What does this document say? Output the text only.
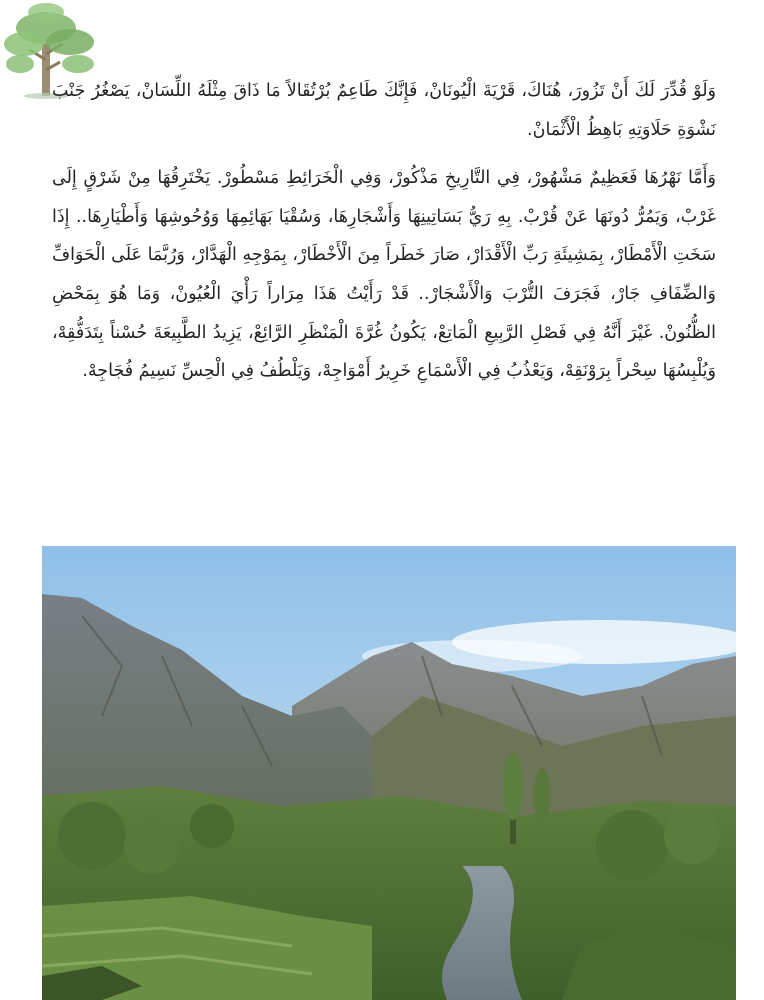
وَلَوْ قُدِّرَ لَكَ أَنْ تَزُورَ، هُنَاكَ، قَرْيَةَ الْيُونَانْ، فَإِنَّكَ طَاعِمٌ بُرْتُقَالاً مَا ذَاقَ مِثْلَهُ اللِّسَانْ، يَصْغُرُ جَنْبَ نَشْوَةِ حَلَاوَتِهِ بَاهِظُ الْأَثْمَانْ.

وَأَمَّا نَهْرُهَا فَعَظِيمٌ مَشْهُورْ، فِي التَّارِيخِ مَذْكُورْ، وَفِي الْخَرَائِطِ مَسْطُورْ. يَخْتَرِقُهَا مِنْ شَرْقٍ إِلَى غَرْبْ، وَيَمُرُّ دُونَهَا عَنْ قُرْبْ. بِهِ رَيُّ بَسَاتِينِهَا وَأَشْجَارِهَا، وَسُقْيَا بَهَائِمِهَا وَوُحُوشِهَا وَأَطْيَارِهَا.. إِذَا سَخَتِ الْأَمْطَارْ، بِمَشِيئَةِ رَبِّ الْأَقْدَارْ، صَارَ خَطَراً مِنَ الْأَخْطَارْ، بِمَوْجِهِ الْهَدَّارْ، وَرُبَّمَا عَلَى الْحَوَافِّ وَالضِّفَافِ جَارْ، فَجَرَفَ التُّرْبَ وَالْأَشْجَارْ.. قَدْ رَأَيْتُ هَذَا مِرَاراً رَأْيَ الْعُيُونْ، وَمَا هُوَ بِمَحْضِ الظُّنُونْ. غَيْرَ أَنَّهُ فِي فَصْلِ الرَّبِيعِ الْمَاتِعْ، يَكُونُ غُرَّةَ الْمَنْظَرِ الرَّائِعْ، يَزِيدُ الطَّبِيعَةَ حُسْناً بِتَدَفُّقِهْ، وَيُلْبِسُهَا سِحْراً بِرَوْنَقِهْ، وَيَعْذُبُ فِي الْأَسْمَاعِ خَرِيرُ أَمْوَاجِهْ، وَيَلْطُفُ فِي الْحِسِّ نَسِيمُ فُجَاجِهْ.
